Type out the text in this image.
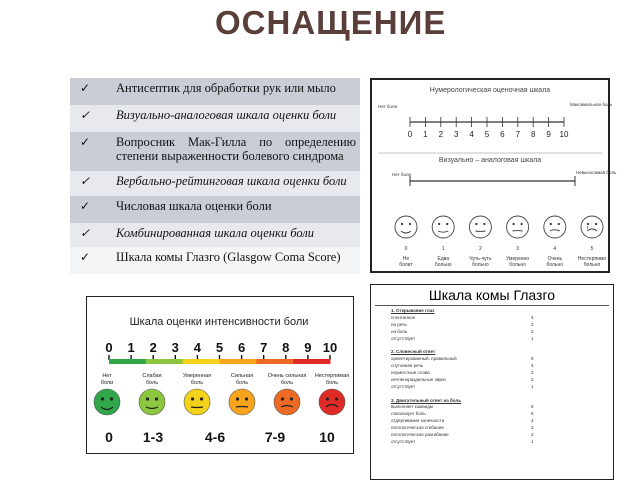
ОСНАЩЕНИЕ
✓	Антисептик для обработки рук или мыло
✓	Визуально-аналоговая шкала оценки боли
✓	Вопросник Мак-Гилла по определению степени выраженности болевого синдрома
✓	Вербально-рейтинговая шкала оценки боли
✓	Числовая шкала оценки боли
✓	Комбинированная шкала оценки боли
✓	Шкала комы Глазго (Glasgow Coma Score)
Нумерологическая оценочная шкала
Нет боли	Максимальная боль
0 1 2 3 4 5 6 7 8 9 10
Визуально – аналоговая шкала
Нет боли	Невыносимая боль
0
Не
болит
1
Едва
больно
2
Чуть-чуть
больно
3
Умеренно
больно
4
Очень
больно
5
Нестерпимо
больно
Шкала оценки интенсивности боли
0 1 2 3 4 5 6 7 8 9 10
Нет
боли
Слабая
боль
Умеренная
боль
Сильная
боль
Очень сильная
боль
Нестерпимая
боль
0 1-3	4-6	7-9 10
Шкала комы Глазго
1. Открывание глаз
спонтанное	4
на речь	3
на боль	2
отсутствует	1

2. Словесный ответ
ориентированный, правильный	5
спутанная речь	4
неуместные слова	3
нечленораздельные звуки	2
отсутствует	1

3. Двигательный ответ на боль
выполняет команды	6
локализует боль	5
отдергивание конечности	4
патологическое сгибание	3
патологическое разгибание	2
отсутствует	1
